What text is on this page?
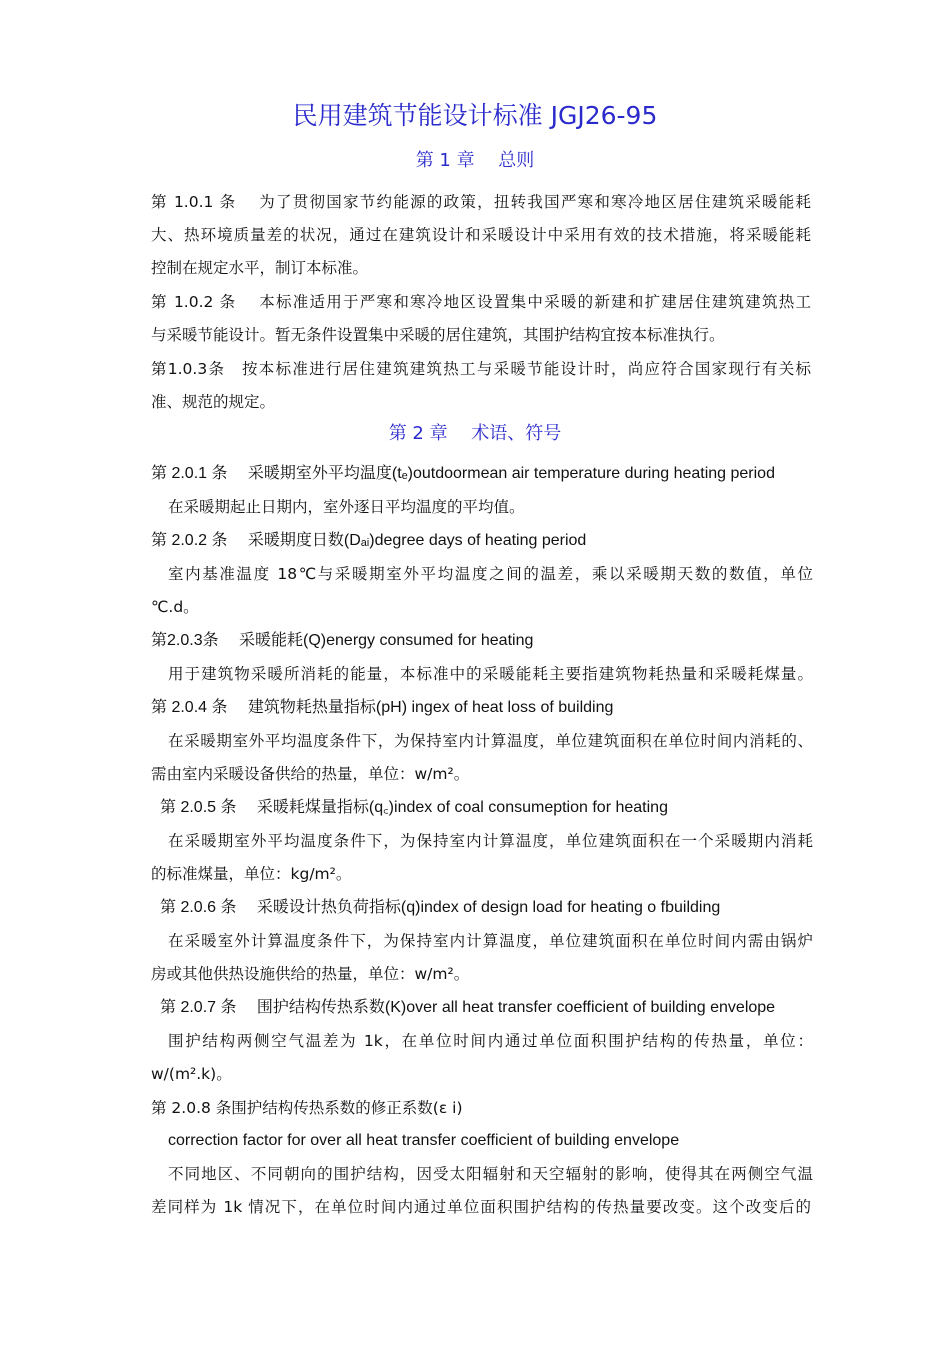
民用建筑节能设计标准 JGJ26-95
第 1 章　 总则
第 1.0.1 条　 为了贯彻国家节约能源的政策，扭转我国严寒和寒冷地区居住建筑采暖能耗
大、热环境质量差的状况，通过在建筑设计和采暖设计中采用有效的技术措施，将采暖能耗
控制在规定水平，制订本标准。
第 1.0.2 条　 本标准适用于严寒和寒冷地区设置集中采暖的新建和扩建居住建筑建筑热工
与采暖节能设计。暂无条件设置集中采暖的居住建筑，其围护结构宜按本标准执行。
第1.0.3条　按本标准进行居住建筑建筑热工与采暖节能设计时，尚应符合国家现行有关标
准、规范的规定。
第 2 章　 术语、符号
第 2.0.1 条　 采暖期室外平均温度(tₑ)outdoormean air temperature during heating period
在采暖期起止日期内，室外逐日平均温度的平均值。
第 2.0.2 条　 采暖期度日数(Dₐᵢ)degree days of heating period
室内基准温度 18℃与采暖期室外平均温度之间的温差，乘以采暖期天数的数值，单位
℃.d。
第2.0.3条　 采暖能耗(Q)energy consumed for heating
用于建筑物采暖所消耗的能量，本标准中的采暖能耗主要指建筑物耗热量和采暖耗煤量。
第 2.0.4 条　 建筑物耗热量指标(pH) ingex of heat loss of building
在采暖期室外平均温度条件下，为保持室内计算温度，单位建筑面积在单位时间内消耗的、
需由室内采暖设备供给的热量，单位：w/m²。
第 2.0.5 条　 采暖耗煤量指标(q꜀)index of coal consumeption for heating
在采暖期室外平均温度条件下，为保持室内计算温度，单位建筑面积在一个采暖期内消耗
的标准煤量，单位：kg/m²。
第 2.0.6 条　 采暖设计热负荷指标(q)index of design load for heating o fbuilding
在采暖室外计算温度条件下，为保持室内计算温度，单位建筑面积在单位时间内需由锅炉
房或其他供热设施供给的热量，单位：w/m²。
第 2.0.7 条　 围护结构传热系数(K)over all heat transfer coefficient of building envelope
围护结构两侧空气温差为 1k，在单位时间内通过单位面积围护结构的传热量，单位：
w/(m².k)。
第 2.0.8 条围护结构传热系数的修正系数(ε i)
correction factor for over all heat transfer coefficient of building envelope
不同地区、不同朝向的围护结构，因受太阳辐射和天空辐射的影响，使得其在两侧空气温
差同样为 1k 情况下，在单位时间内通过单位面积围护结构的传热量要改变。这个改变后的
